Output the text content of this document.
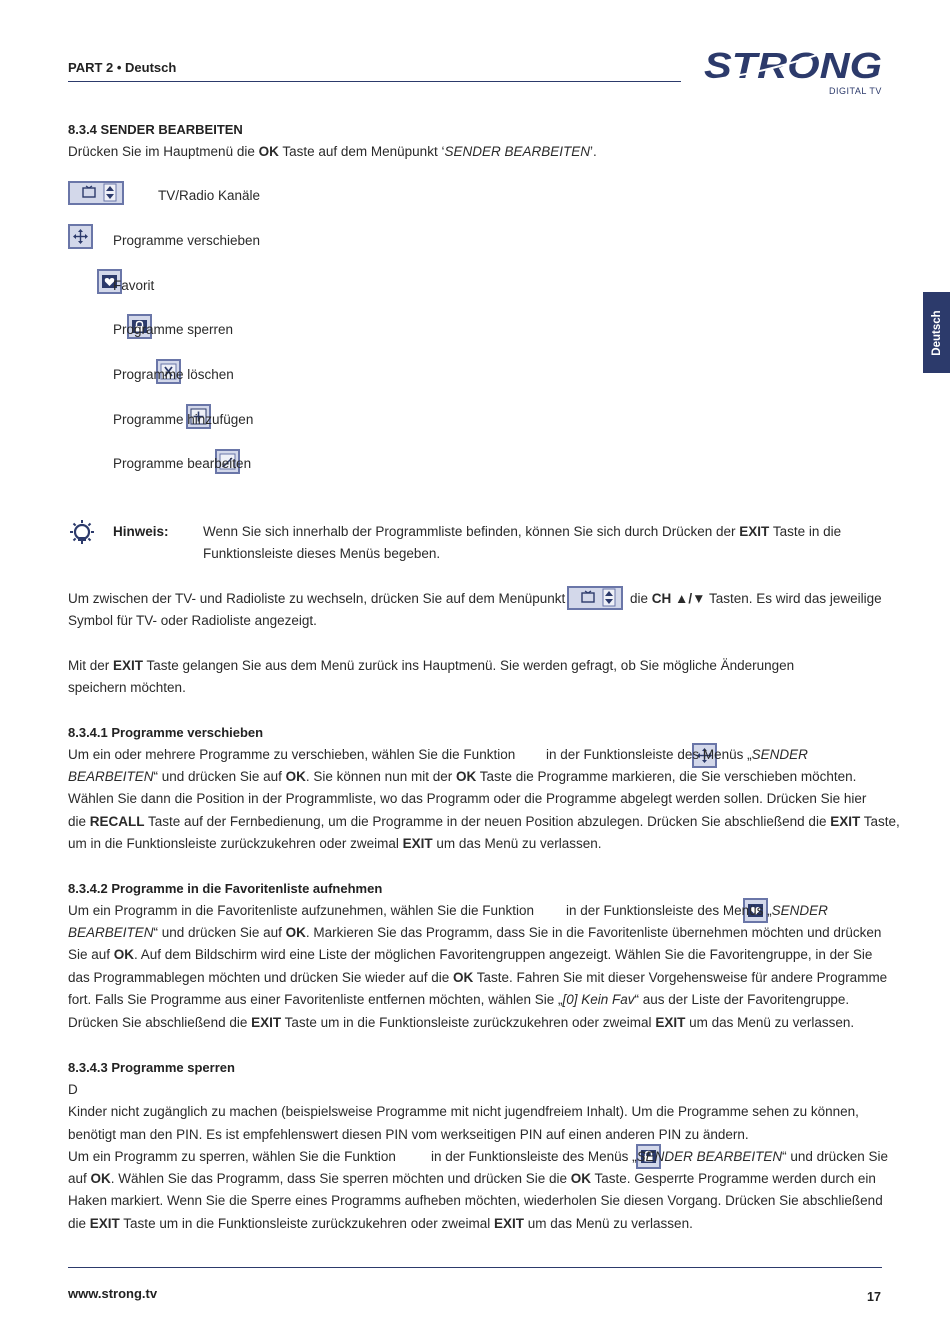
PART 2 • Deutsch	STRONG
DIGITAL TV
Deutsch
8.3.4 SENDER BEARBEITEN
Drücken Sie im Hauptmenü die OK Taste auf dem Menüpunkt ‘SENDER BEARBEITEN’.
TV/Radio Kanäle

Programme verschieben

Favorit

Programme sperren

Programme löschen

Programme hinzufügen

Programme bearbeiten
Hinweis:	Wenn Sie sich innerhalb der Programmliste befinden, können Sie sich durch Drücken der EXIT Taste in die
Funktionsleiste dieses Menüs begeben.
Um zwischen der TV- und Radioliste zu wechseln, drücken Sie auf dem Menüpunkt	die CH ▲/▼ Tasten. Es wird das jeweilige
Symbol für TV- oder Radioliste angezeigt.
Mit der EXIT Taste gelangen Sie aus dem Menü zurück ins Hauptmenü. Sie werden gefragt, ob Sie mögliche Änderungen
speichern möchten.
8.3.4.1 Programme verschieben
Um ein oder mehrere Programme zu verschieben, wählen Sie die Funktion
in der Funktionsleiste des Menüs „SENDER
BEARBEITEN“ und drücken Sie auf OK. Sie können nun mit der OK Taste die Programme markieren, die Sie verschieben möchten.
Wählen Sie dann die Position in der Programmliste, wo das Programm oder die Programme abgelegt werden sollen. Drücken Sie hier
die RECALL Taste auf der Fernbedienung, um die Programme in der neuen Position abzulegen. Drücken Sie abschließend die EXIT Taste,
um in die Funktionsleiste zurückzukehren oder zweimal EXIT um das Menü zu verlassen.
8.3.4.2 Programme in die Favoritenliste aufnehmen
Um ein Programm in die Favoritenliste aufzunehmen, wählen Sie die Funktion
in der Funktionsleiste des Menüs „SENDER
BEARBEITEN“ und drücken Sie auf OK. Markieren Sie das Programm, dass Sie in die Favoritenliste übernehmen möchten und drücken
Sie auf OK. Auf dem Bildschirm wird eine Liste der möglichen Favoritengruppen angezeigt. Wählen Sie die Favoritengruppe, in der Sie
das Programmablegen möchten und drücken Sie wieder auf die OK Taste. Fahren Sie mit dieser Vorgehensweise für andere Programme
fort. Falls Sie Programme aus einer Favoritenliste entfernen möchten, wählen Sie „[0] Kein Fav“ aus der Liste der Favoritengruppe.
Drücken Sie abschließend die EXIT Taste um in die Funktionsleiste zurückzukehren oder zweimal EXIT um das Menü zu verlassen.
8.3.4.3 Programme sperren
D
Kinder nicht zugänglich zu machen (beispielsweise Programme mit nicht jugendfreiem Inhalt). Um die Programme sehen zu können,
benötigt man den PIN. Es ist empfehlenswert diesen PIN vom werkseitigen PIN auf einen anderen PIN zu ändern.
Um ein Programm zu sperren, wählen Sie die Funktion	in der Funktionsleiste des Menüs „SENDER BEARBEITEN“ und drücken Sie
auf OK. Wählen Sie das Programm, dass Sie sperren möchten und drücken Sie die OK Taste. Gesperrte Programme werden durch ein
Haken markiert. Wenn Sie die Sperre eines Programms aufheben möchten, wiederholen Sie diesen Vorgang. Drücken Sie abschließend
die EXIT Taste um in die Funktionsleiste zurückzukehren oder zweimal EXIT um das Menü zu verlassen.
www.strong.tv	17
